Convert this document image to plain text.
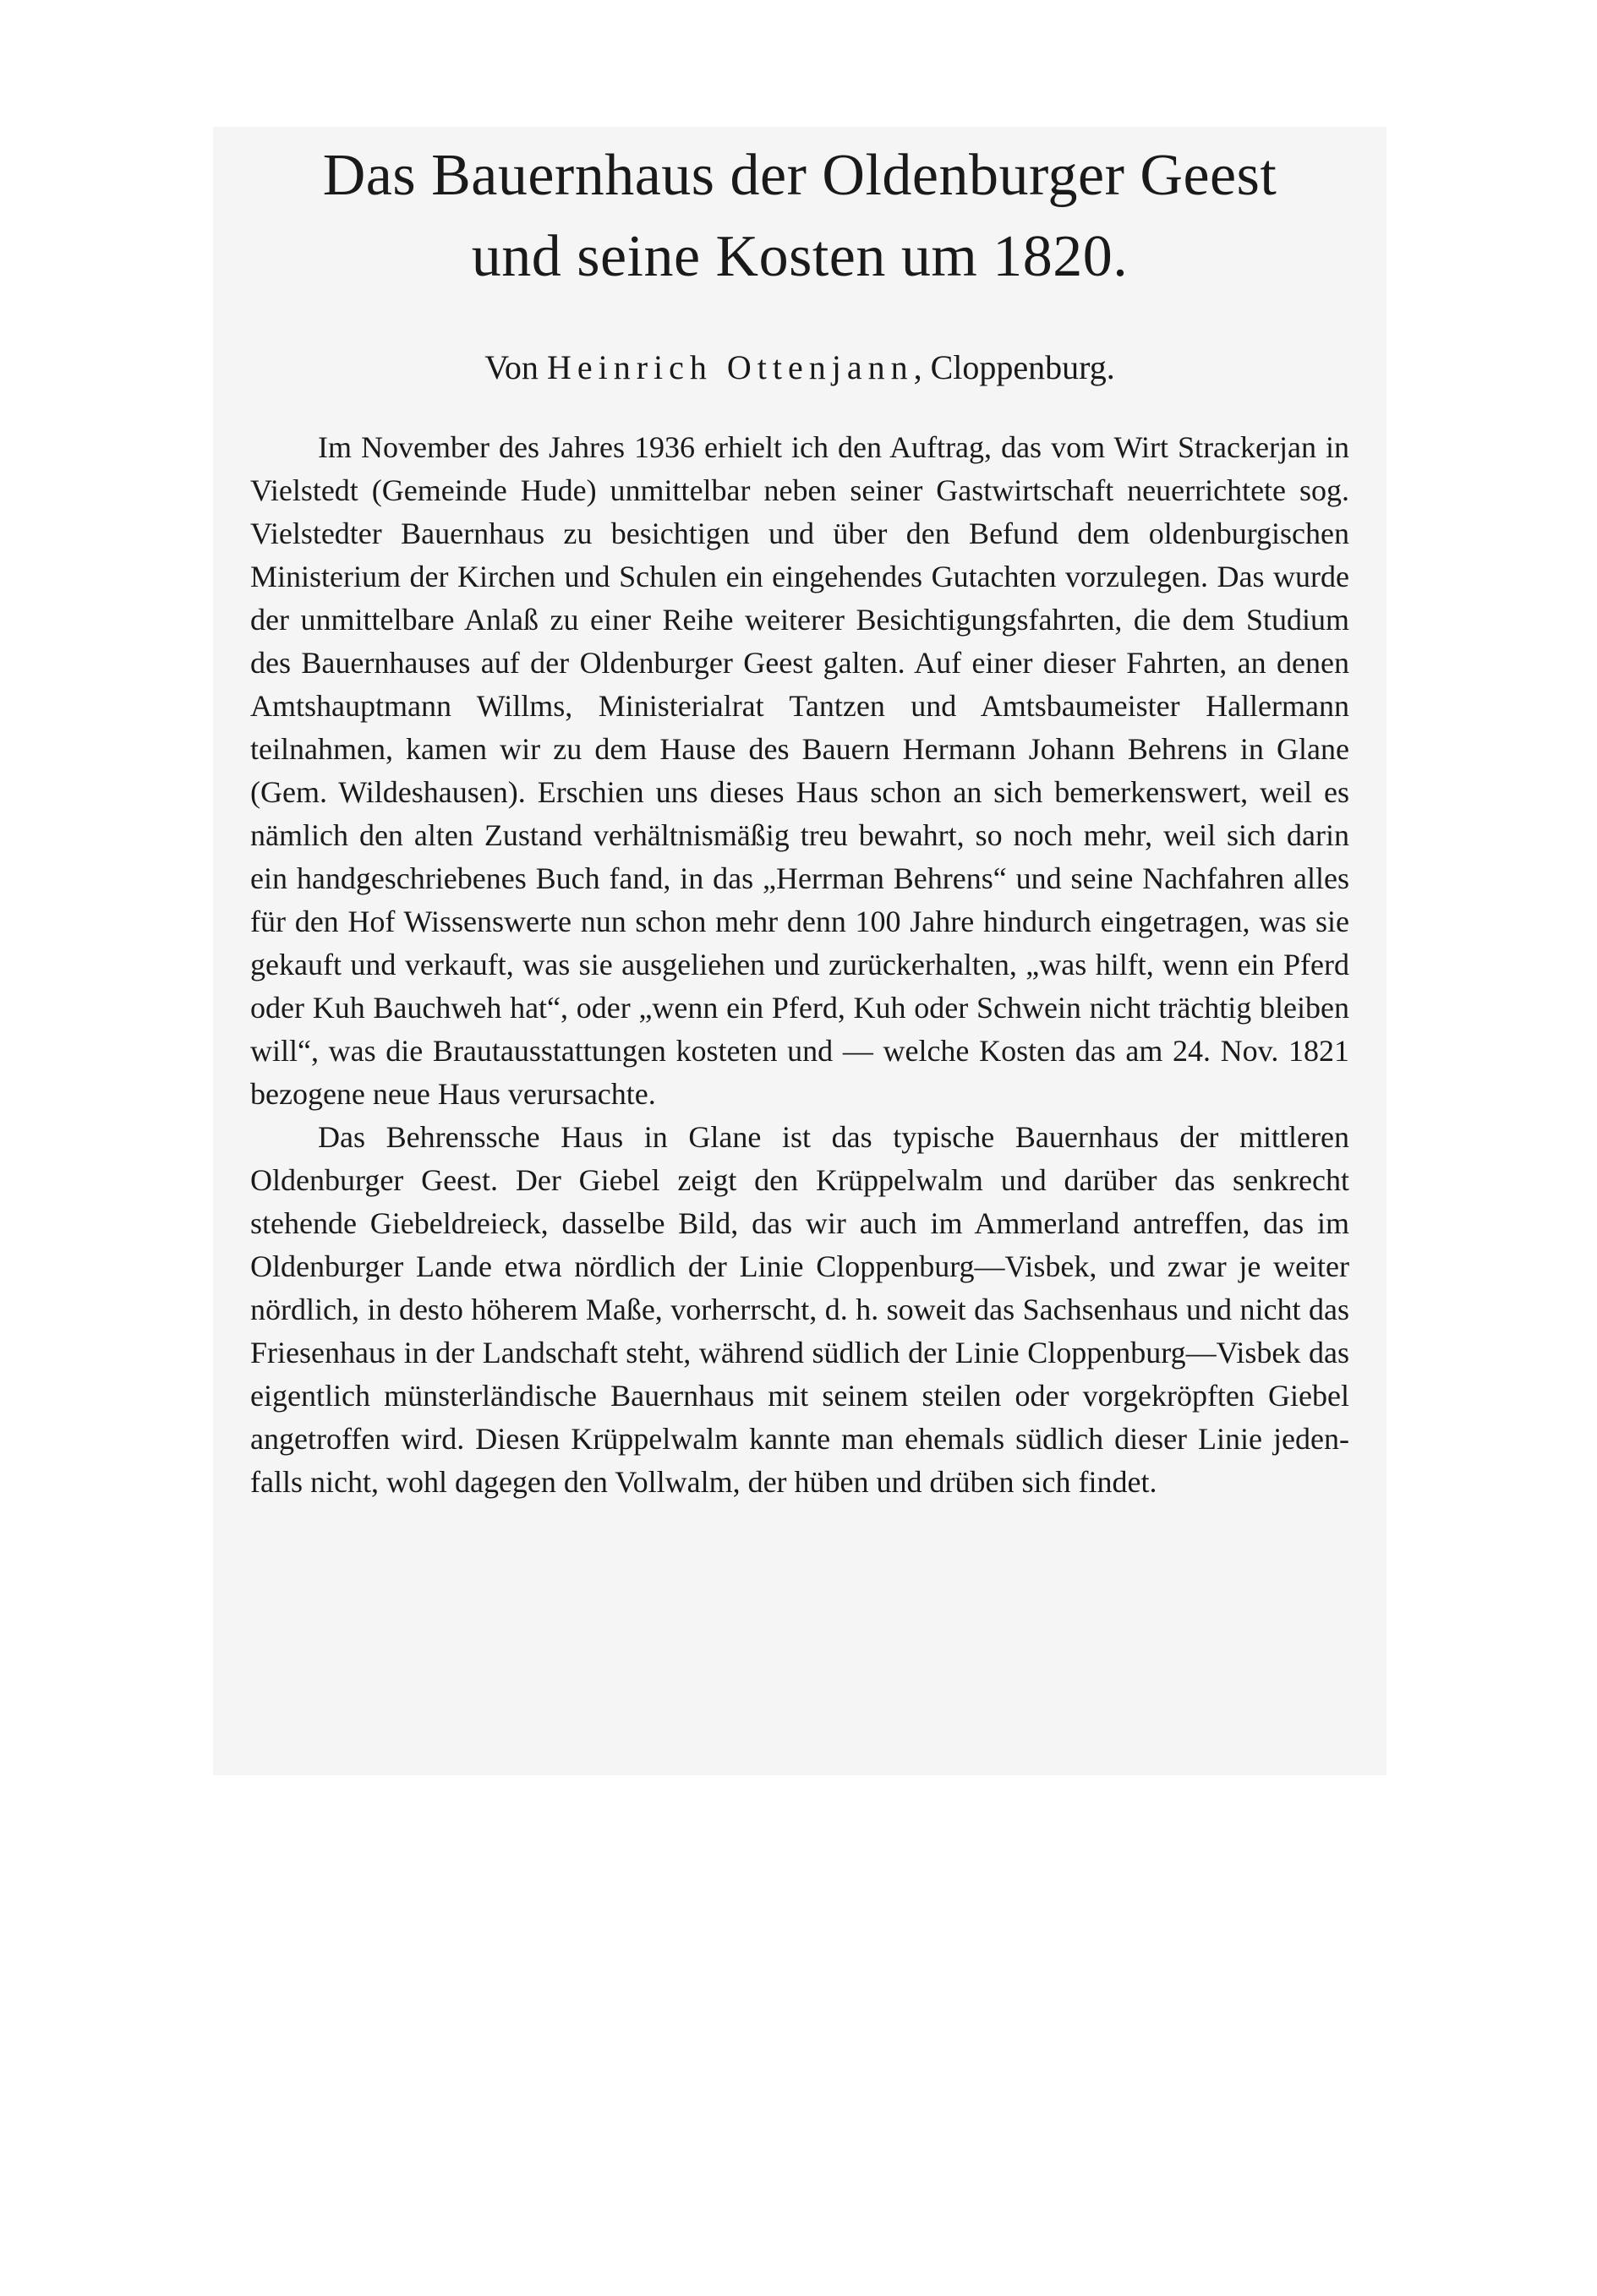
Das Bauernhaus der Oldenburger Geest
und seine Kosten um 1820.

Von Heinrich Ottenjann, Cloppenburg.

Im November des Jahres 1936 erhielt ich den Auftrag, das vom Wirt Strackerjan in Vielstedt (Gemeinde Hude) unmittelbar neben seiner Gastwirtschaft neuerrichtete sog. Vielstedter Bauernhaus zu besichtigen und über den Befund dem oldenburgischen Ministerium der Kirchen und Schulen ein eingehendes Gutachten vorzulegen. Das wurde der unmittelbare Anlaß zu einer Reihe weiterer Besichtigungsfahrten, die dem Studium des Bauernhauses auf der Oldenburger Geest galten. Auf einer dieser Fahrten, an denen Amtshauptmann Willms, Ministerialrat Tantzen und Amtsbaumeister Hallermann teilnahmen, kamen wir zu dem Hause des Bauern Hermann Johann Behrens in Glane (Gem. Wildeshausen). Erschien uns dieses Haus schon an sich bemerkenswert, weil es nämlich den alten Zustand verhältnismäßig treu bewahrt, so noch mehr, weil sich darin ein handgeschriebenes Buch fand, in das „Herrman Behrens“ und seine Nachfahren alles für den Hof Wissenswerte nun schon mehr denn 100 Jahre hindurch eingetragen, was sie gekauft und verkauft, was sie ausgeliehen und zurückerhalten, „was hilft, wenn ein Pferd oder Kuh Bauchweh hat“, oder „wenn ein Pferd, Kuh oder Schwein nicht trächtig bleiben will“, was die Brautausstattungen kosteten und — welche Kosten das am 24. Nov. 1821 bezogene neue Haus verursachte.

Das Behrenssche Haus in Glane ist das typische Bauernhaus der mittleren Oldenburger Geest. Der Giebel zeigt den Krüppelwalm und darüber das senkrecht stehende Giebeldreieck, dasselbe Bild, das wir auch im Ammerland antreffen, das im Oldenburger Lande etwa nördlich der Linie Cloppenburg—Visbek, und zwar je weiter nördlich, in desto höherem Maße, vorherrscht, d. h. soweit das Sachsenhaus und nicht das Friesenhaus in der Landschaft steht, während südlich der Linie Cloppenburg—Visbek das eigentlich münsterländische Bauernhaus mit seinem steilen oder vorgekröpften Giebel angetroffen wird. Diesen Krüppelwalm kannte man ehemals südlich dieser Linie jedenfalls nicht, wohl dagegen den Vollwalm, der hüben und drüben sich findet.
